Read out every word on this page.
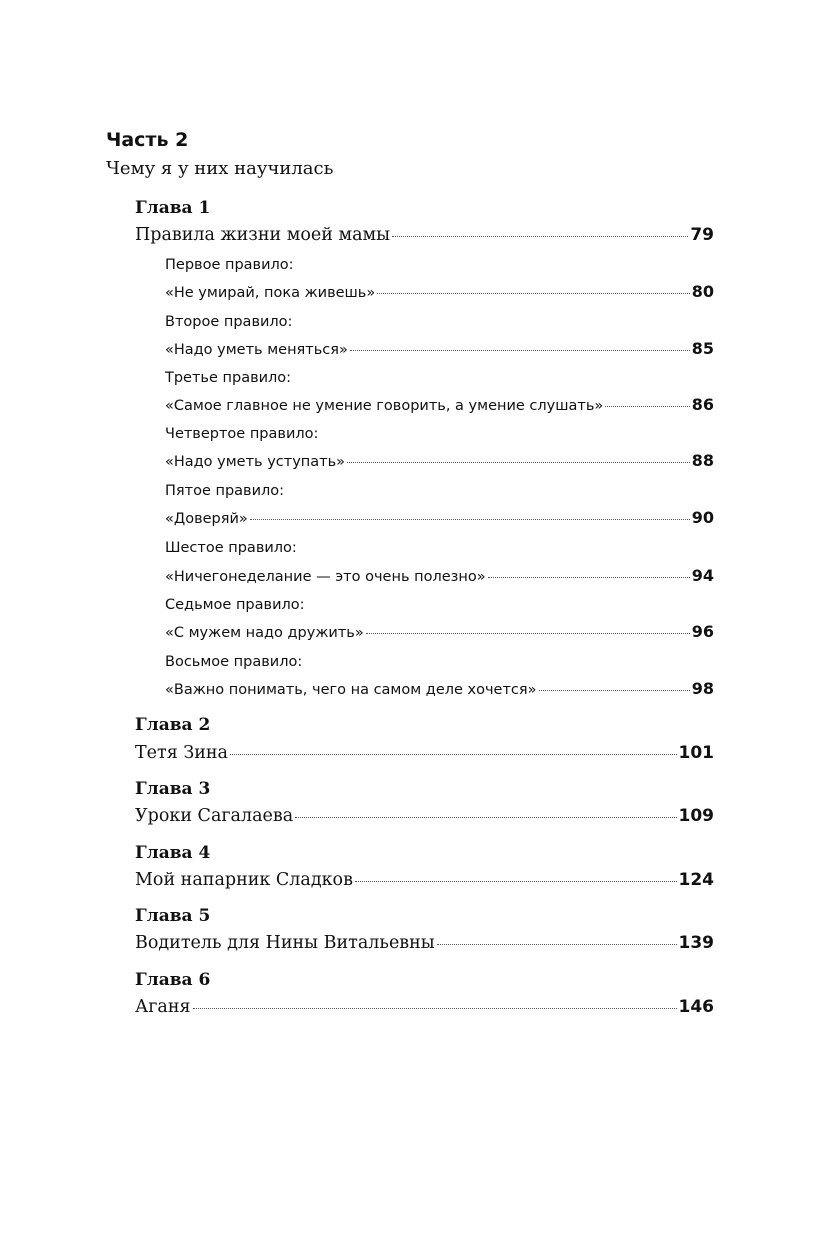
Часть 2
Чему я у них научилась
Глава 1
Правила жизни моей мамы	79
Первое правило:
«Не умирай, пока живешь»	80
Второе правило:
«Надо уметь меняться»	85
Третье правило:
«Самое главное не умение говорить, а умение слушать»	86
Четвертое правило:
«Надо уметь уступать»	88
Пятое правило:
«Доверяй»	90
Шестое правило:
«Ничегонеделание — это очень полезно»	94
Седьмое правило:
«С мужем надо дружить»	96
Восьмое правило:
«Важно понимать, чего на самом деле хочется»	98
Глава 2
Тетя Зина	101
Глава 3
Уроки Сагалаева	109
Глава 4
Мой напарник Сладков	124
Глава 5
Водитель для Нины Витальевны	139
Глава 6
Аганя	146
